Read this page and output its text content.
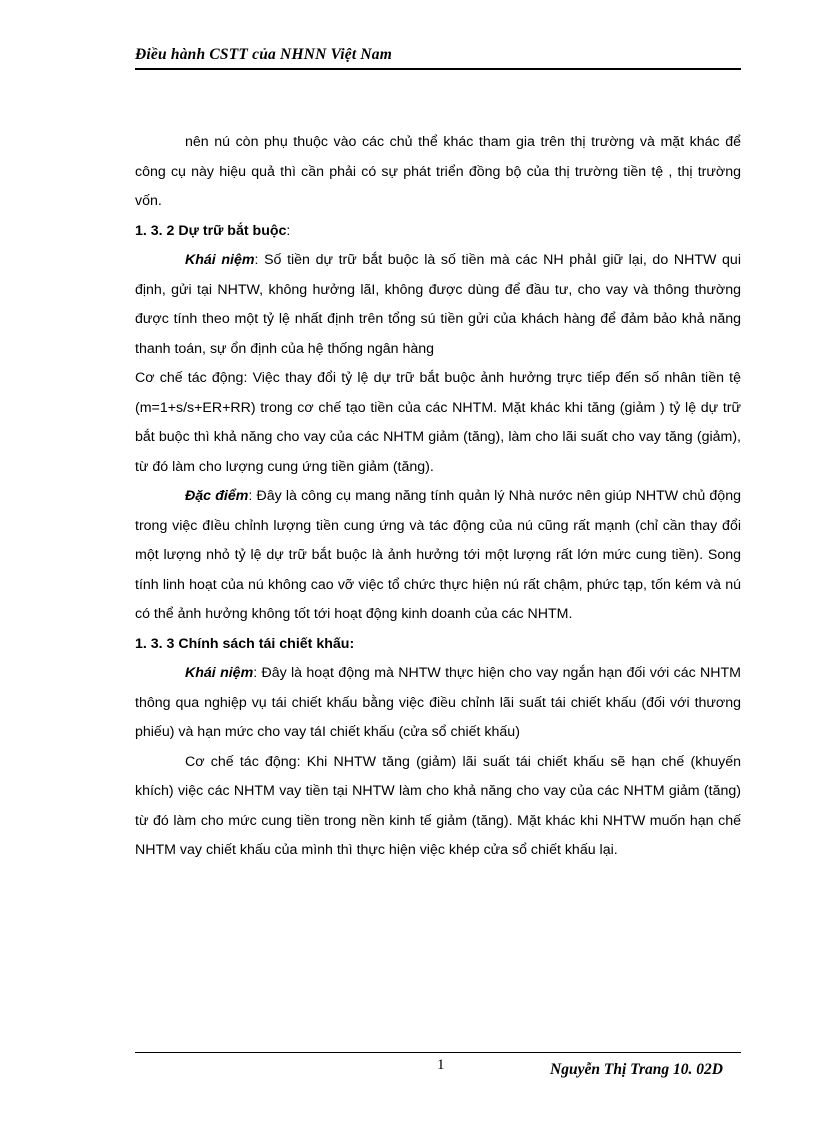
Điều hành CSTT của NHNN Việt Nam

nên nú còn phụ thuộc vào các chủ thể khác tham gia trên thị trường và mặt khác để công cụ này hiệu quả thì cần phải có sự phát triển đồng bộ của thị trường tiền tệ , thị trường vốn.

1. 3. 2 Dự trữ bắt buộc:

Khái niệm: Số tiền dự trữ bắt buộc là số tiền mà các NH phảI giữ lại, do NHTW qui định, gửi tại NHTW, không hưởng lãI, không được dùng để đầu tư, cho vay và thông thường được tính theo một tỷ lệ nhất định trên tổng sú tiền gửi của khách hàng để đảm bảo khả năng thanh toán, sự ổn định của hệ thống ngân hàng

Cơ chế tác động: Việc thay đổi tỷ lệ dự trữ bắt buộc ảnh hưởng trực tiếp đến số nhân tiền tệ (m=1+s/s+ER+RR) trong cơ chế tạo tiền của các NHTM. Mặt khác khi tăng (giảm ) tỷ lệ dự trữ bắt buộc thì khả năng cho vay của các NHTM giảm (tăng), làm cho lãi suất cho vay tăng (giảm), từ đó làm cho lượng cung ứng tiền giảm (tăng).

Đặc điểm: Đây là công cụ mang năng tính quản lý Nhà nước nên giúp NHTW chủ động trong việc đIều chỉnh lượng tiền cung ứng và tác động của nú cũng rất mạnh (chỉ cần thay đổi một lượng nhỏ tỷ lệ dự trữ bắt buộc là ảnh hưởng tới một lượng rất lớn mức cung tiền). Song tính linh hoạt của nú không cao vỡ việc tổ chức thực hiện nú rất chậm, phức tạp, tốn kém và nú có thể ảnh hưởng không tốt tới hoạt động kinh doanh của các NHTM.

1. 3. 3 Chính sách tái chiết khấu:

Khái niệm: Đây là hoạt động mà NHTW thực hiện cho vay ngắn hạn đối với các NHTM thông qua nghiệp vụ tái chiết khấu bằng việc điều chỉnh lãi suất tái chiết khấu (đối với thương phiếu) và hạn mức cho vay táI chiết khấu (cửa sổ chiết khấu)

Cơ chế tác động: Khi NHTW tăng (giảm) lãi suất tái chiết khấu sẽ hạn chế (khuyến khích) việc các NHTM vay tiền tại NHTW làm cho khả năng cho vay của các NHTM giảm (tăng) từ đó làm cho mức cung tiền trong nền kinh tế giảm (tăng). Mặt khác khi NHTW muốn hạn chế NHTM vay chiết khấu của mình thì thực hiện việc khép cửa sổ chiết khấu lại.

1	Nguyễn Thị Trang 10. 02D
